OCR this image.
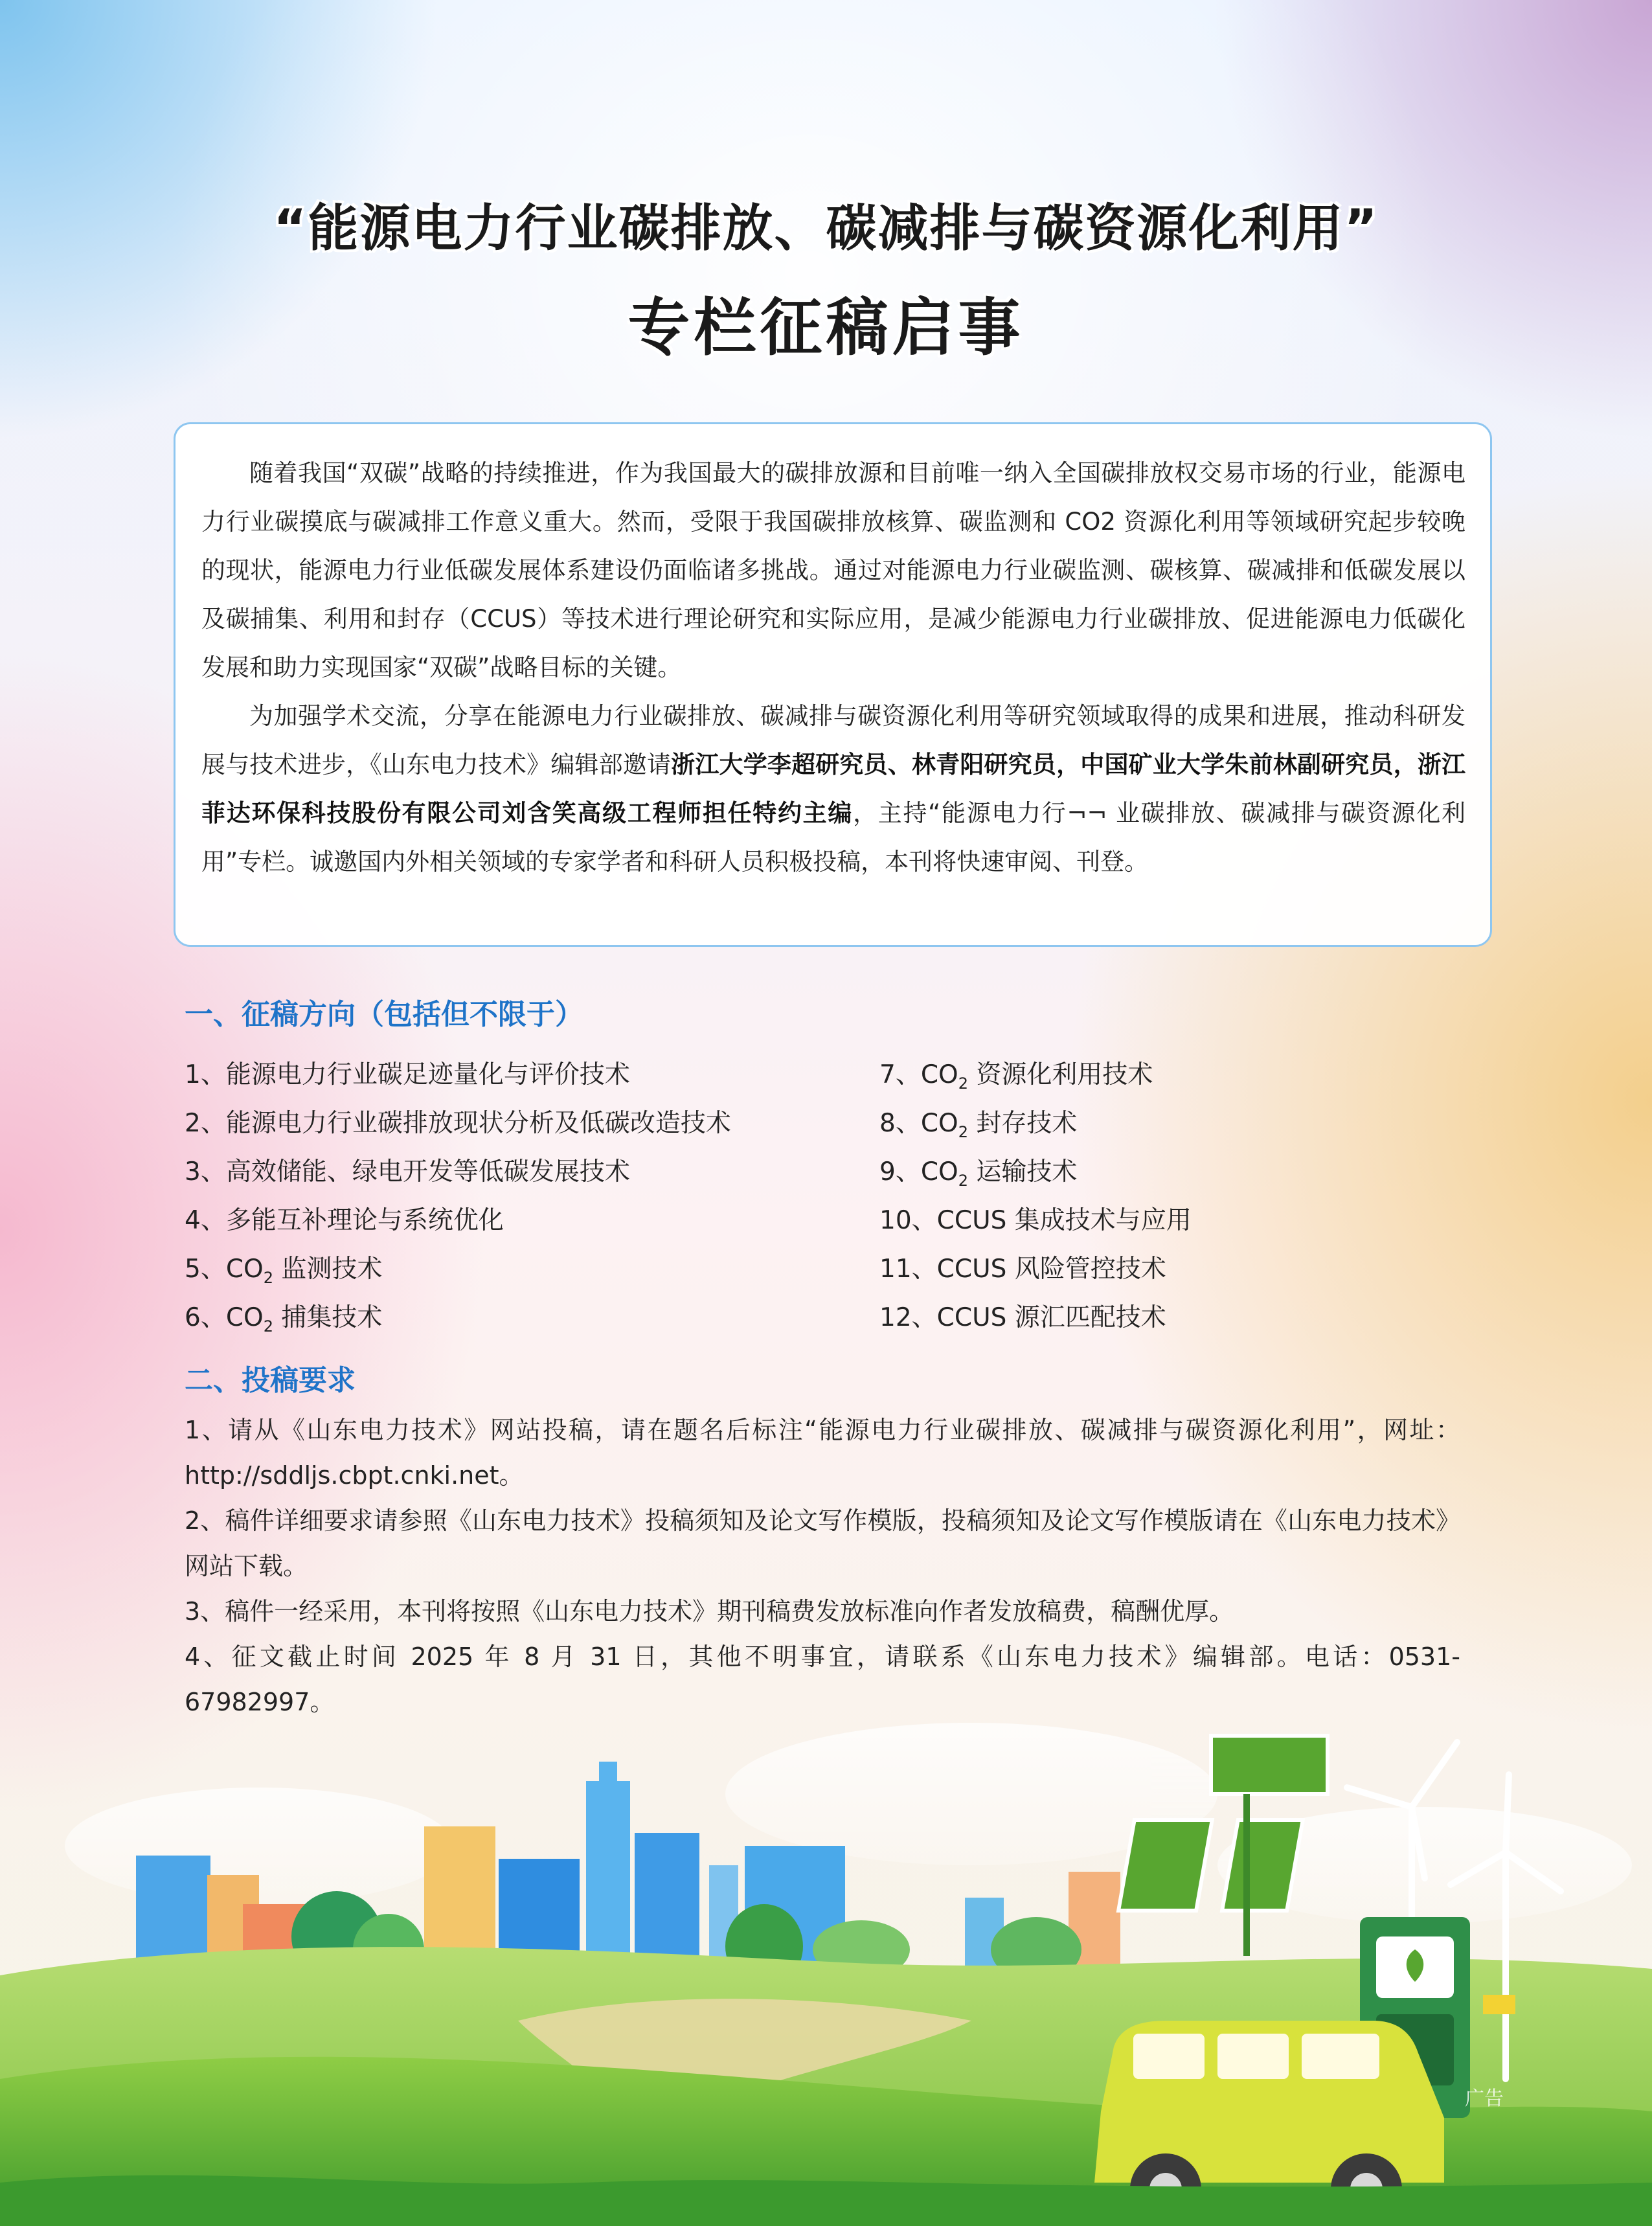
“能源电力行业碳排放、碳减排与碳资源化利用”
专栏征稿启事

随着我国“双碳”战略的持续推进，作为我国最大的碳排放源和目前唯一纳入全国碳排放权交易市场的行业，能源电力行业碳摸底与碳减排工作意义重大。然而，受限于我国碳排放核算、碳监测和 CO2 资源化利用等领域研究起步较晚的现状，能源电力行业低碳发展体系建设仍面临诸多挑战。通过对能源电力行业碳监测、碳核算、碳减排和低碳发展以及碳捕集、利用和封存（CCUS）等技术进行理论研究和实际应用，是减少能源电力行业碳排放、促进能源电力低碳化发展和助力实现国家“双碳”战略目标的关键。

为加强学术交流，分享在能源电力行业碳排放、碳减排与碳资源化利用等研究领域取得的成果和进展，推动科研发展与技术进步，《山东电力技术》编辑部邀请浙江大学李超研究员、林青阳研究员，中国矿业大学朱前林副研究员，浙江菲达环保科技股份有限公司刘含笑高级工程师担任特约主编，主持“能源电力行¬¬ 业碳排放、碳减排与碳资源化利用”专栏。诚邀国内外相关领域的专家学者和科研人员积极投稿，本刊将快速审阅、刊登。

一、征稿方向（包括但不限于）
1、能源电力行业碳足迹量化与评价技术
2、能源电力行业碳排放现状分析及低碳改造技术
3、高效储能、绿电开发等低碳发展技术
4、多能互补理论与系统优化
5、$CO_2$ 监测技术
6、$CO_2$ 捕集技术
7、$CO_2$ 资源化利用技术
8、$CO_2$ 封存技术
9、$CO_2$ 运输技术
10、CCUS 集成技术与应用
11、CCUS 风险管控技术
12、CCUS 源汇匹配技术
二、投稿要求

1、请从《山东电力技术》网站投稿，请在题名后标注“能源电力行业碳排放、碳减排与碳资源化利用”，网址：http://sddljs.cbpt.cnki.net。

2、稿件详细要求请参照《山东电力技术》投稿须知及论文写作模版，投稿须知及论文写作模版请在《山东电力技术》网站下载。

3、稿件一经采用，本刊将按照《山东电力技术》期刊稿费发放标准向作者发放稿费，稿酬优厚。

4、征文截止时间 2025 年 8 月 31 日，其他不明事宜，请联系《山东电力技术》编辑部。电话：0531-67982997。

广告
